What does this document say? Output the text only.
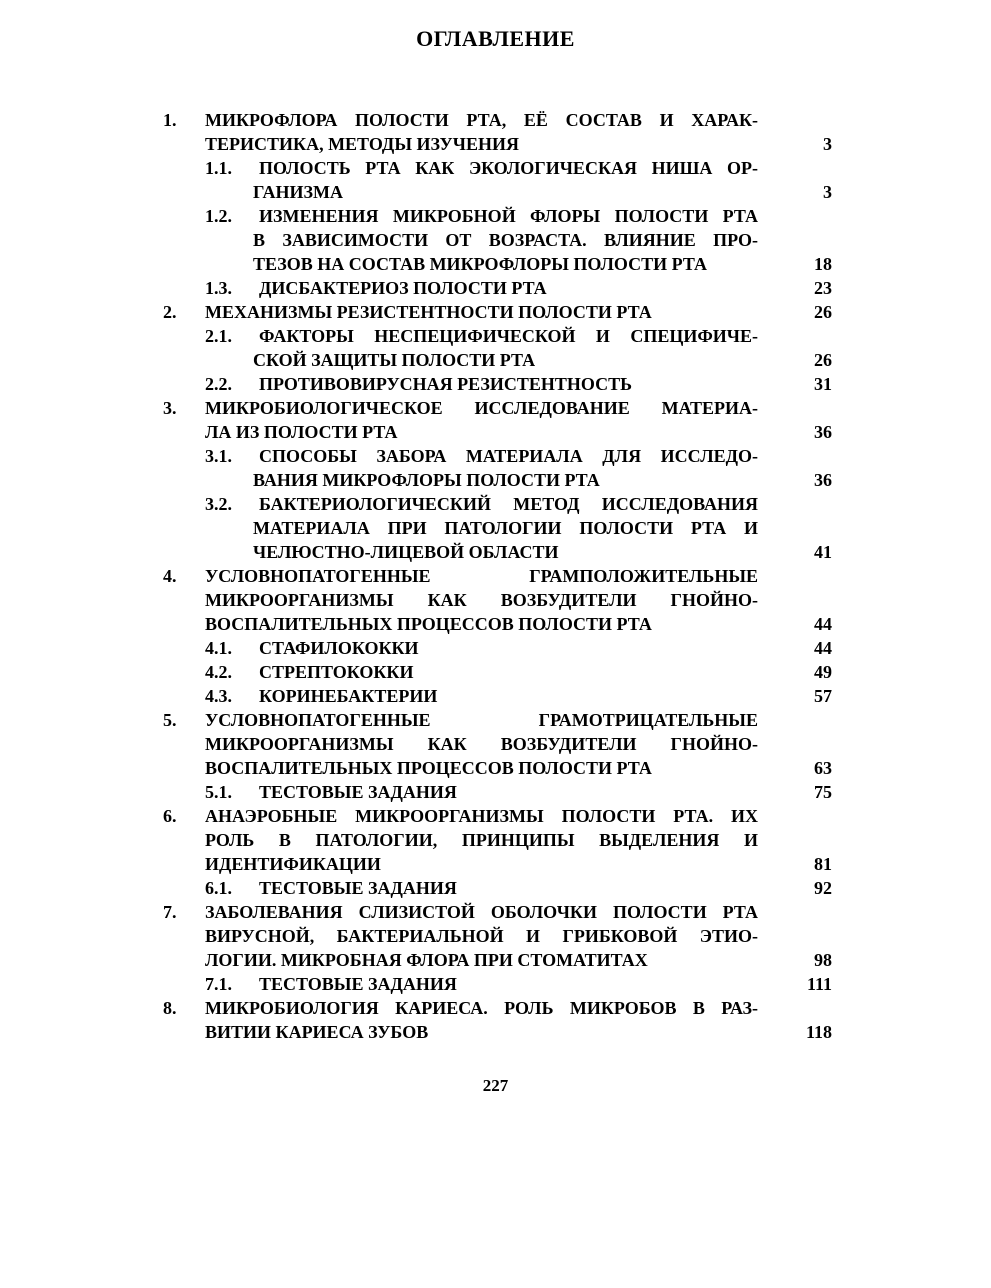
ОГЛАВЛЕНИЕ
1. МИКРОФЛОРА ПОЛОСТИ РТА, ЕЁ СОСТАВ И ХАРАК-
ТЕРИСТИКА, МЕТОДЫ ИЗУЧЕНИЯ	3
1.1. ПОЛОСТЬ РТА КАК ЭКОЛОГИЧЕСКАЯ НИША ОР-
ГАНИЗМА	3
1.2. ИЗМЕНЕНИЯ МИКРОБНОЙ ФЛОРЫ ПОЛОСТИ РТА
В ЗАВИСИМОСТИ ОТ ВОЗРАСТА. ВЛИЯНИЕ ПРО-
ТЕЗОВ НА СОСТАВ МИКРОФЛОРЫ ПОЛОСТИ РТА	18
1.3. ДИСБАКТЕРИОЗ ПОЛОСТИ РТА	23
2. МЕХАНИЗМЫ РЕЗИСТЕНТНОСТИ ПОЛОСТИ РТА	26
2.1. ФАКТОРЫ НЕСПЕЦИФИЧЕСКОЙ И СПЕЦИФИЧЕ-
СКОЙ ЗАЩИТЫ ПОЛОСТИ РТА	26
2.2. ПРОТИВОВИРУСНАЯ РЕЗИСТЕНТНОСТЬ	31
3. МИКРОБИОЛОГИЧЕСКОЕ ИССЛЕДОВАНИЕ МАТЕРИА-
ЛА ИЗ ПОЛОСТИ РТА	36
3.1. СПОСОБЫ ЗАБОРА МАТЕРИАЛА ДЛЯ ИССЛЕДО-
ВАНИЯ МИКРОФЛОРЫ ПОЛОСТИ РТА	36
3.2. БАКТЕРИОЛОГИЧЕСКИЙ МЕТОД ИССЛЕДОВАНИЯ
МАТЕРИАЛА ПРИ ПАТОЛОГИИ ПОЛОСТИ РТА И
ЧЕЛЮСТНО-ЛИЦЕВОЙ ОБЛАСТИ	41
4. УСЛОВНОПАТОГЕННЫЕ ГРАМПОЛОЖИТЕЛЬНЫЕ
МИКРООРГАНИЗМЫ КАК ВОЗБУДИТЕЛИ ГНОЙНО-
ВОСПАЛИТЕЛЬНЫХ ПРОЦЕССОВ ПОЛОСТИ РТА	44
4.1. СТАФИЛОКОККИ	44
4.2. СТРЕПТОКОККИ	49
4.3. КОРИНЕБАКТЕРИИ	57
5. УСЛОВНОПАТОГЕННЫЕ ГРАМОТРИЦАТЕЛЬНЫЕ
МИКРООРГАНИЗМЫ КАК ВОЗБУДИТЕЛИ ГНОЙНО-
ВОСПАЛИТЕЛЬНЫХ ПРОЦЕССОВ ПОЛОСТИ РТА	63
5.1. ТЕСТОВЫЕ ЗАДАНИЯ	75
6. АНАЭРОБНЫЕ МИКРООРГАНИЗМЫ ПОЛОСТИ РТА. ИХ
РОЛЬ В ПАТОЛОГИИ, ПРИНЦИПЫ ВЫДЕЛЕНИЯ И
ИДЕНТИФИКАЦИИ	81
6.1. ТЕСТОВЫЕ ЗАДАНИЯ	92
7. ЗАБОЛЕВАНИЯ СЛИЗИСТОЙ ОБОЛОЧКИ ПОЛОСТИ РТА
ВИРУСНОЙ, БАКТЕРИАЛЬНОЙ И ГРИБКОВОЙ ЭТИО-
ЛОГИИ. МИКРОБНАЯ ФЛОРА ПРИ СТОМАТИТАХ	98
7.1. ТЕСТОВЫЕ ЗАДАНИЯ	111
8. МИКРОБИОЛОГИЯ КАРИЕСА. РОЛЬ МИКРОБОВ В РАЗ-
ВИТИИ КАРИЕСА ЗУБОВ	118
227
